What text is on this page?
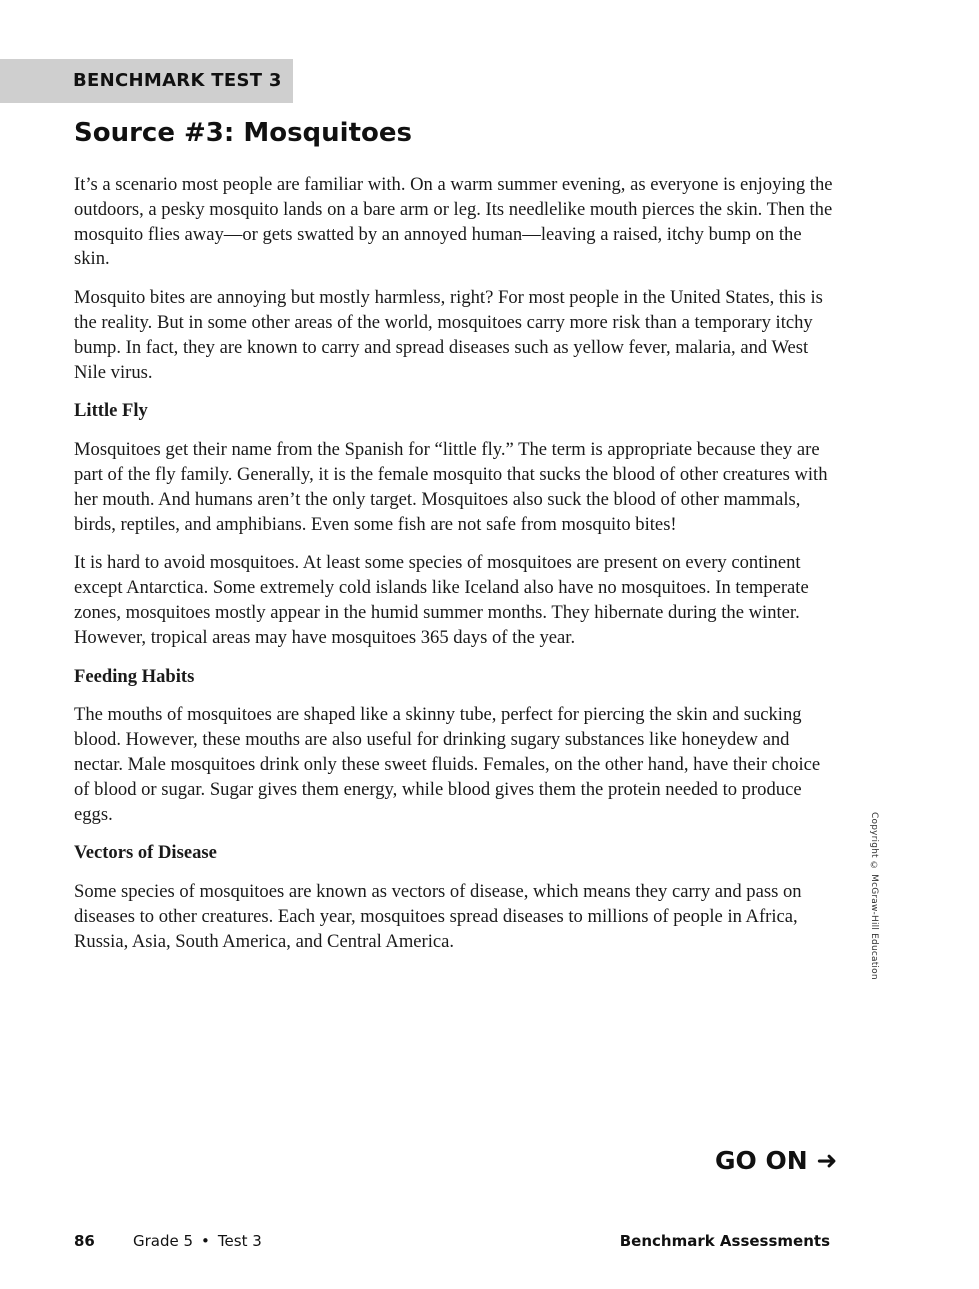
BENCHMARK TEST 3
Source #3: Mosquitoes

It’s a scenario most people are familiar with. On a warm summer evening, as everyone is enjoying the outdoors, a pesky mosquito lands on a bare arm or leg. Its needlelike mouth pierces the skin. Then the mosquito flies away—or gets swatted by an annoyed human—leaving a raised, itchy bump on the skin.

Mosquito bites are annoying but mostly harmless, right? For most people in the United States, this is the reality. But in some other areas of the world, mosquitoes carry more risk than a temporary itchy bump. In fact, they are known to carry and spread diseases such as yellow fever, malaria, and West Nile virus.

Little Fly

Mosquitoes get their name from the Spanish for “little fly.” The term is appropriate because they are part of the fly family. Generally, it is the female mosquito that sucks the blood of other creatures with her mouth. And humans aren’t the only target. Mosquitoes also suck the blood of other mammals, birds, reptiles, and amphibians. Even some fish are not safe from mosquito bites!

It is hard to avoid mosquitoes. At least some species of mosquitoes are present on every continent except Antarctica. Some extremely cold islands like Iceland also have no mosquitoes. In temperate zones, mosquitoes mostly appear in the humid summer months. They hibernate during the winter. However, tropical areas may have mosquitoes 365 days of the year.

Feeding Habits

The mouths of mosquitoes are shaped like a skinny tube, perfect for piercing the skin and sucking blood. However, these mouths are also useful for drinking sugary substances like honeydew and nectar. Male mosquitoes drink only these sweet fluids. Females, on the other hand, have their choice of blood or sugar. Sugar gives them energy, while blood gives them the protein needed to produce eggs.

Vectors of Disease

Some species of mosquitoes are known as vectors of disease, which means they carry and pass on diseases to other creatures. Each year, mosquitoes spread diseases to millions of people in Africa, Russia, Asia, South America, and Central America.	Copyright © McGraw-Hill Education
GO ON ➜
86	Grade 5 • Test 3	Benchmark Assessments
